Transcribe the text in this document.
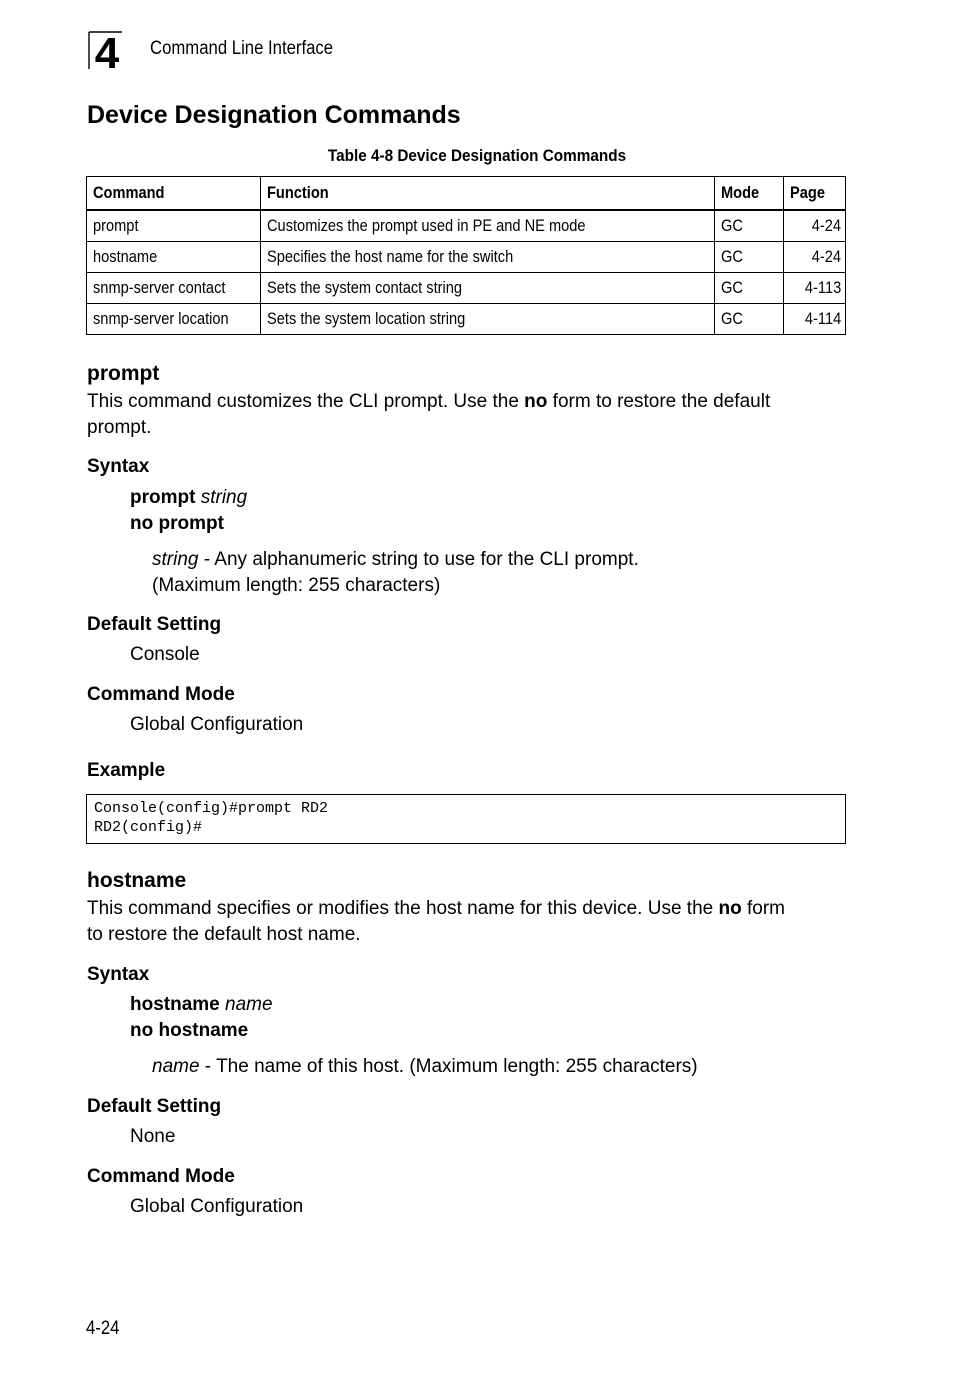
4 Command Line Interface
Device Designation Commands
Table 4-8 Device Designation Commands
Command	Function	Mode	Page
prompt	Customizes the prompt used in PE and NE mode	GC	4-24
hostname	Specifies the host name for the switch	GC	4-24
snmp-server contact	Sets the system contact string	GC	4-113
snmp-server location	Sets the system location string	GC	4-114
prompt
This command customizes the CLI prompt. Use the no form to restore the default
prompt.
Syntax
prompt string
no prompt
string - Any alphanumeric string to use for the CLI prompt.
(Maximum length: 255 characters)
Default Setting
Console
Command Mode
Global Configuration
Example
Console(config)#prompt RD2
RD2(config)#
hostname
This command specifies or modifies the host name for this device. Use the no form
to restore the default host name.
Syntax
hostname name
no hostname
name - The name of this host. (Maximum length: 255 characters)
Default Setting
None
Command Mode
Global Configuration
4-24
